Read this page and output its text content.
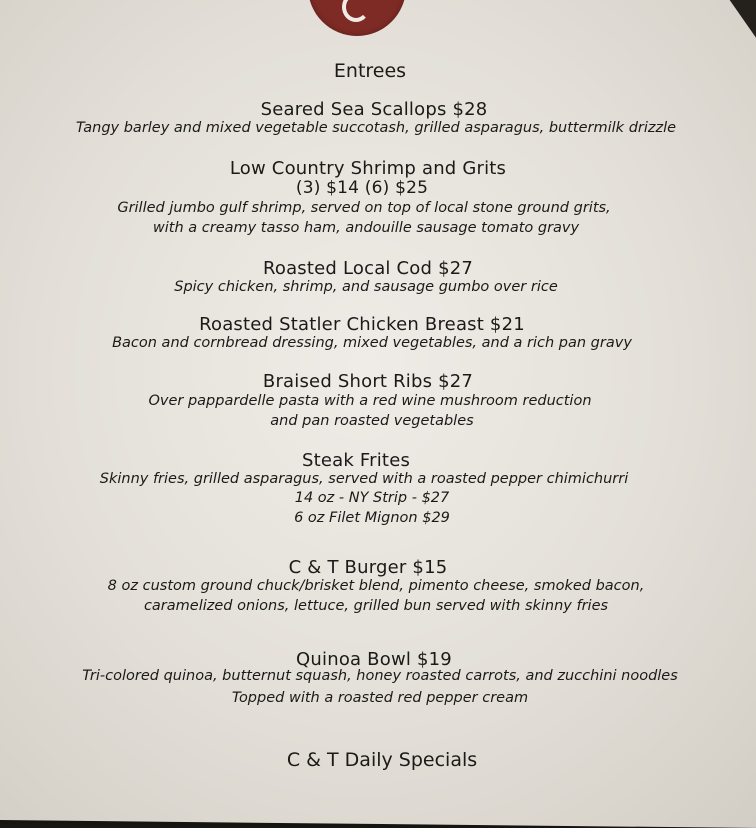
Entrees
Seared Sea Scallops $28
Tangy barley and mixed vegetable succotash, grilled asparagus, buttermilk drizzle
Low Country Shrimp and Grits
(3) $14 (6) $25
Grilled jumbo gulf shrimp, served on top of local stone ground grits,
with a creamy tasso ham, andouille sausage tomato gravy
Roasted Local Cod $27
Spicy chicken, shrimp, and sausage gumbo over rice
Roasted Statler Chicken Breast $21
Bacon and cornbread dressing, mixed vegetables, and a rich pan gravy
Braised Short Ribs $27
Over pappardelle pasta with a red wine mushroom reduction
and pan roasted vegetables
Steak Frites
Skinny fries, grilled asparagus, served with a roasted pepper chimichurri
14 oz - NY Strip - $27
6 oz Filet Mignon $29
C & T Burger $15
8 oz custom ground chuck/brisket blend, pimento cheese, smoked bacon,
caramelized onions, lettuce, grilled bun served with skinny fries
Quinoa Bowl $19
Tri-colored quinoa, butternut squash, honey roasted carrots, and zucchini noodles
Topped with a roasted red pepper cream
C & T Daily Specials
